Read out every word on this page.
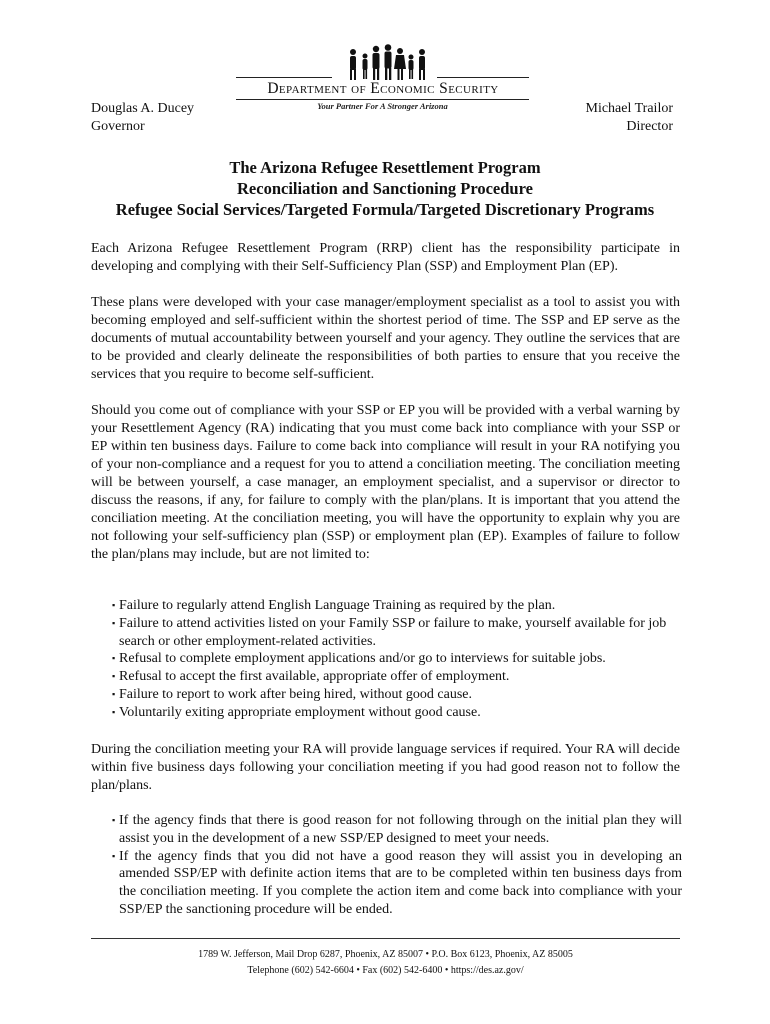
Department of Economic Security
Your Partner For A Stronger Arizona
Douglas A. Ducey
Governor
Michael Trailor
Director
The Arizona Refugee Resettlement Program
Reconciliation and Sanctioning Procedure
Refugee Social Services/Targeted Formula/Targeted Discretionary Programs

Each Arizona Refugee Resettlement Program (RRP) client has the responsibility participate in developing and complying with their Self-Sufficiency Plan (SSP) and Employment Plan (EP).

These plans were developed with your case manager/employment specialist as a tool to assist you with becoming employed and self-sufficient within the shortest period of time. The SSP and EP serve as the documents of mutual accountability between yourself and your agency. They outline the services that are to be provided and clearly delineate the responsibilities of both parties to ensure that you receive the services that you require to become self-sufficient.

Should you come out of compliance with your SSP or EP you will be provided with a verbal warning by your Resettlement Agency (RA) indicating that you must come back into compliance with your SSP or EP within ten business days. Failure to come back into compliance will result in your RA notifying you of your non-compliance and a request for you to attend a conciliation meeting. The conciliation meeting will be between yourself, a case manager, an employment specialist, and a supervisor or director to discuss the reasons, if any, for failure to comply with the plan/plans. It is important that you attend the conciliation meeting. At the conciliation meeting, you will have the opportunity to explain why you are not following your self-sufficiency plan (SSP) or employment plan (EP). Examples of failure to follow the plan/plans may include, but are not limited to:

▪ Failure to regularly attend English Language Training as required by the plan.
▪ Failure to attend activities listed on your Family SSP or failure to make, yourself available for job search or other employment-related activities.
▪ Refusal to complete employment applications and/or go to interviews for suitable jobs.
▪ Refusal to accept the first available, appropriate offer of employment.
▪ Failure to report to work after being hired, without good cause.
▪ Voluntarily exiting appropriate employment without good cause.

During the conciliation meeting your RA will provide language services if required. Your RA will decide within five business days following your conciliation meeting if you had good reason not to follow the plan/plans.

▪ If the agency finds that there is good reason for not following through on the initial plan they will assist you in the development of a new SSP/EP designed to meet your needs.
▪ If the agency finds that you did not have a good reason they will assist you in developing an amended SSP/EP with definite action items that are to be completed within ten business days from the conciliation meeting. If you complete the action item and come back into compliance with your SSP/EP the sanctioning procedure will be ended.
1789 W. Jefferson, Mail Drop 6287, Phoenix, AZ 85007 • P.O. Box 6123, Phoenix, AZ 85005
Telephone (602) 542-6604 • Fax (602) 542-6400 • https://des.az.gov/
